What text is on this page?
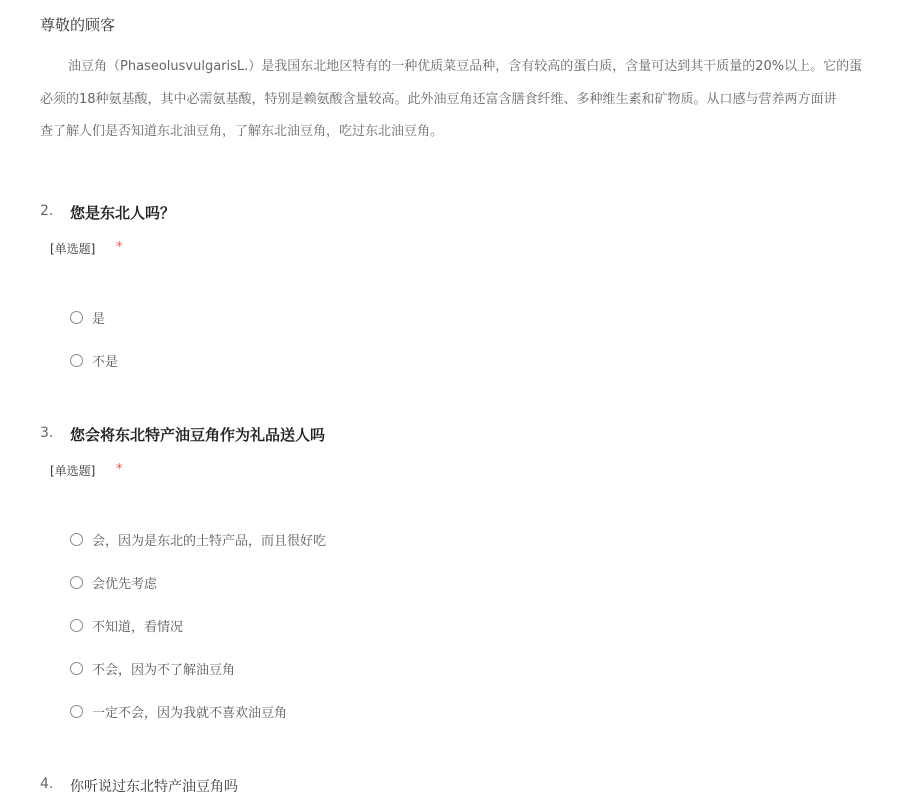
尊敬的顾客
油豆角（PhaseolusvulgarisL.）是我国东北地区特有的一种优质菜豆品种，含有较高的蛋白质，含量可达到其干质量的20%以上。它的蛋
必须的18种氨基酸，其中必需氨基酸，特别是赖氨酸含量较高。此外油豆角还富含膳食纤维、多种维生素和矿物质。从口感与营养两方面讲
查了解人们是否知道东北油豆角，了解东北油豆角，吃过东北油豆角。
2. 您是东北人吗？
[单选题] *
是
不是
3. 您会将东北特产油豆角作为礼品送人吗
[单选题] *
会，因为是东北的土特产品，而且很好吃
会优先考虑
不知道，看情况
不会，因为不了解油豆角
一定不会，因为我就不喜欢油豆角
4. 你听说过东北特产油豆角吗
